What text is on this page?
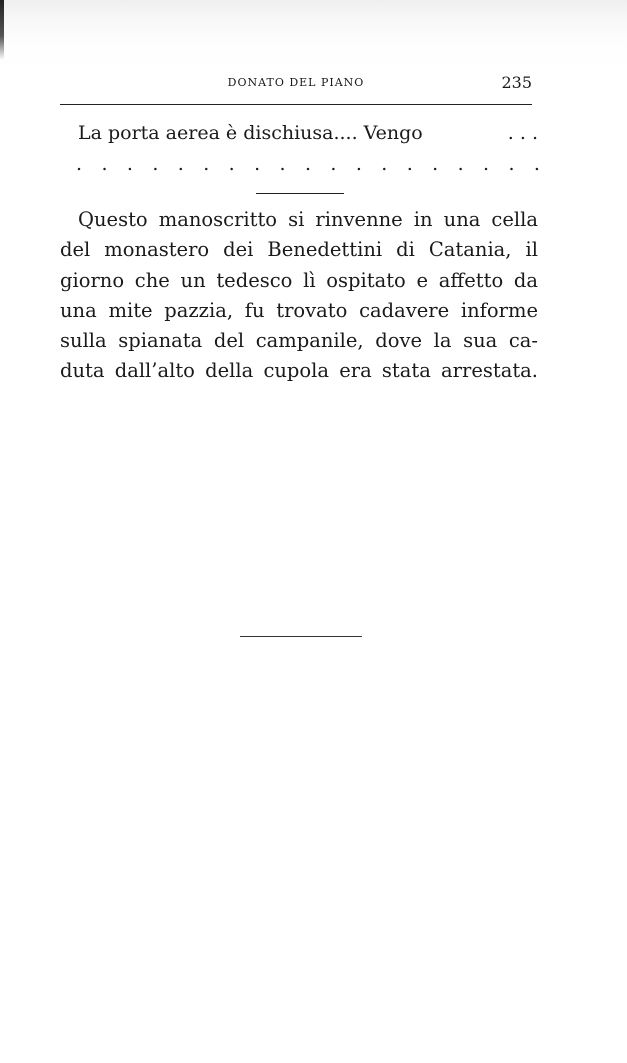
DONATO DEL PIANO	235
La porta aerea è dischiusa.... Vengo	. . .
. . . . . . . . . . . . . . . . . . .
Questo manoscritto si rinvenne in una cella
del monastero dei Benedettini di Catania, il
giorno che un tedesco lì ospitato e affetto da
una mite pazzia, fu trovato cadavere informe
sulla spianata del campanile, dove la sua ca-
duta dall’alto della cupola era stata arrestata.
